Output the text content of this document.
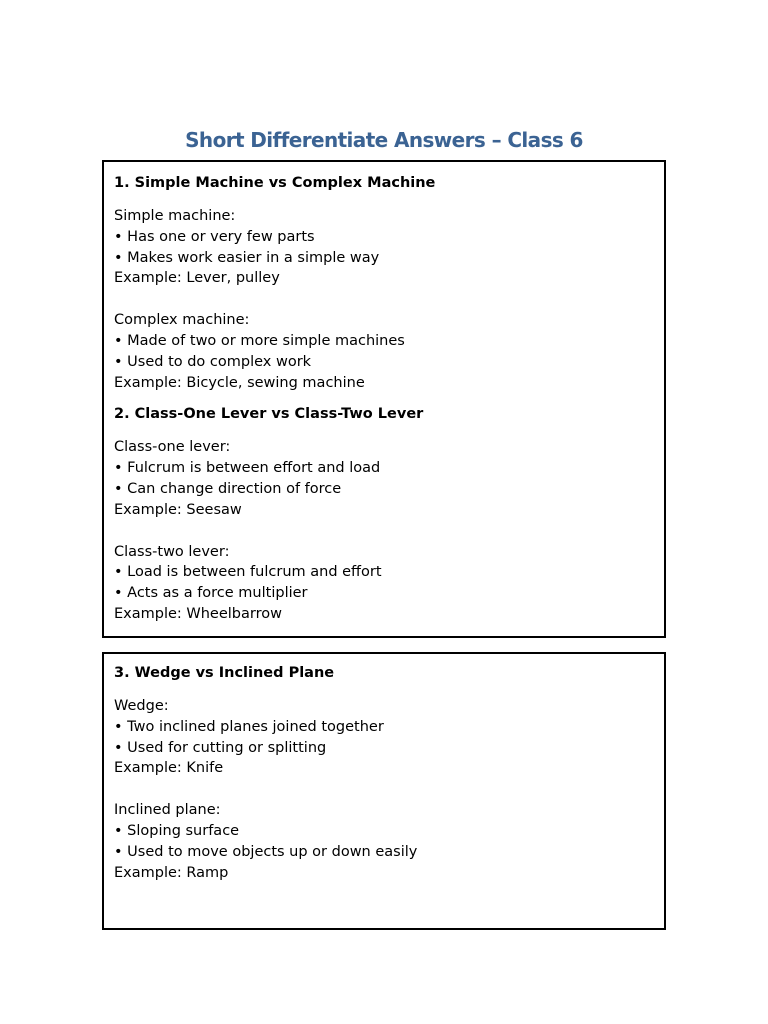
Short Differentiate Answers – Class 6
1. Simple Machine vs Complex Machine
Simple machine:
• Has one or very few parts
• Makes work easier in a simple way
Example: Lever, pulley
Complex machine:
• Made of two or more simple machines
• Used to do complex work
Example: Bicycle, sewing machine
2. Class-One Lever vs Class-Two Lever
Class-one lever:
• Fulcrum is between effort and load
• Can change direction of force
Example: Seesaw
Class-two lever:
• Load is between fulcrum and effort
• Acts as a force multiplier
Example: Wheelbarrow
3. Wedge vs Inclined Plane
Wedge:
• Two inclined planes joined together
• Used for cutting or splitting
Example: Knife
Inclined plane:
• Sloping surface
• Used to move objects up or down easily
Example: Ramp
